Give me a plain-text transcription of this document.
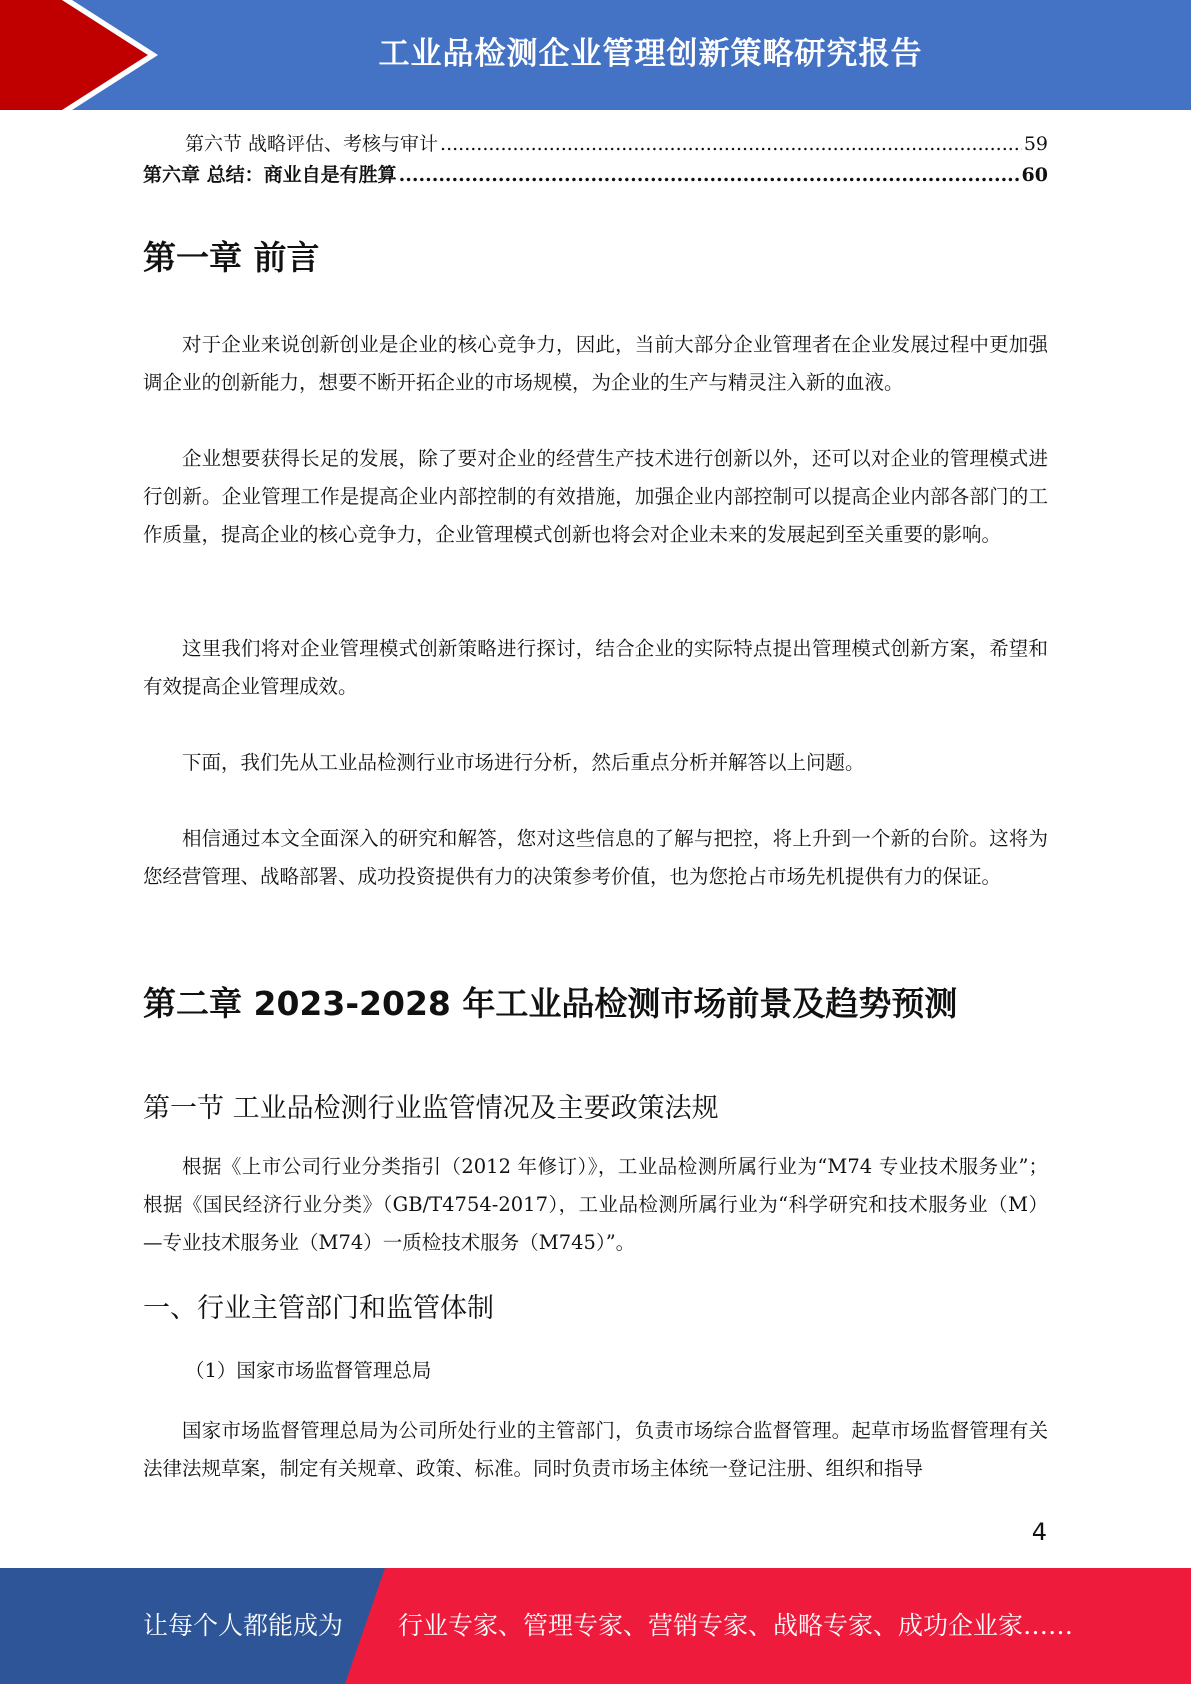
工业品检测企业管理创新策略研究报告
第六节 战略评估、考核与审计 .....	59
第六章 总结：商业自是有胜算 .....	60
第一章 前言

对于企业来说创新创业是企业的核心竞争力，因此，当前大部分企业管理者在企业发展过程中更加强调企业的创新能力，想要不断开拓企业的市场规模，为企业的生产与精灵注入新的血液。

企业想要获得长足的发展，除了要对企业的经营生产技术进行创新以外，还可以对企业的管理模式进行创新。企业管理工作是提高企业内部控制的有效措施，加强企业内部控制可以提高企业内部各部门的工作质量，提高企业的核心竞争力，企业管理模式创新也将会对企业未来的发展起到至关重要的影响。

这里我们将对企业管理模式创新策略进行探讨，结合企业的实际特点提出管理模式创新方案，希望和有效提高企业管理成效。

下面，我们先从工业品检测行业市场进行分析，然后重点分析并解答以上问题。

相信通过本文全面深入的研究和解答，您对这些信息的了解与把控，将上升到一个新的台阶。这将为您经营管理、战略部署、成功投资提供有力的决策参考价值，也为您抢占市场先机提供有力的保证。

第二章 2023-2028 年工业品检测市场前景及趋势预测
第一节 工业品检测行业监管情况及主要政策法规

根据《上市公司行业分类指引（2012 年修订）》，工业品检测所属行业为“M74 专业技术服务业”；根据《国民经济行业分类》（GB/T4754-2017），工业品检测所属行业为“科学研究和技术服务业（M）—专业技术服务业（M74）一质检技术服务（M745）”。

一、行业主管部门和监管体制

（1）国家市场监督管理总局

国家市场监督管理总局为公司所处行业的主管部门，负责市场综合监督管理。起草市场监督管理有关法律法规草案，制定有关规章、政策、标准。同时负责市场主体统一登记注册、组织和指导

4
让每个人都能成为 行业专家、管理专家、营销专家、战略专家、成功企业家……
